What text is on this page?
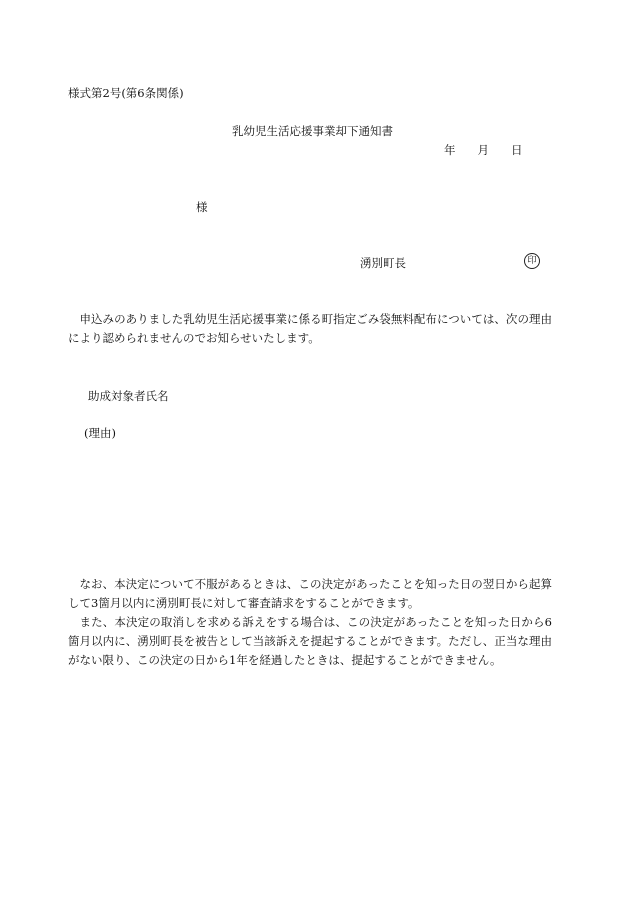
様式第2号(第6条関係)
乳幼児生活応援事業却下通知書
年 月 日
様
湧別町長	印

申込みのありました乳幼児生活応援事業に係る町指定ごみ袋無料配布については、次の理由により認められませんのでお知らせいたします。

助成対象者氏名
(理由)

なお、本決定について不服があるときは、この決定があったことを知った日の翌日から起算して3箇月以内に湧別町長に対して審査請求をすることができます。

また、本決定の取消しを求める訴えをする場合は、この決定があったことを知った日から6箇月以内に、湧別町長を被告として当該訴えを提起することができます。ただし、正当な理由がない限り、この決定の日から1年を経過したときは、提起することができません。
